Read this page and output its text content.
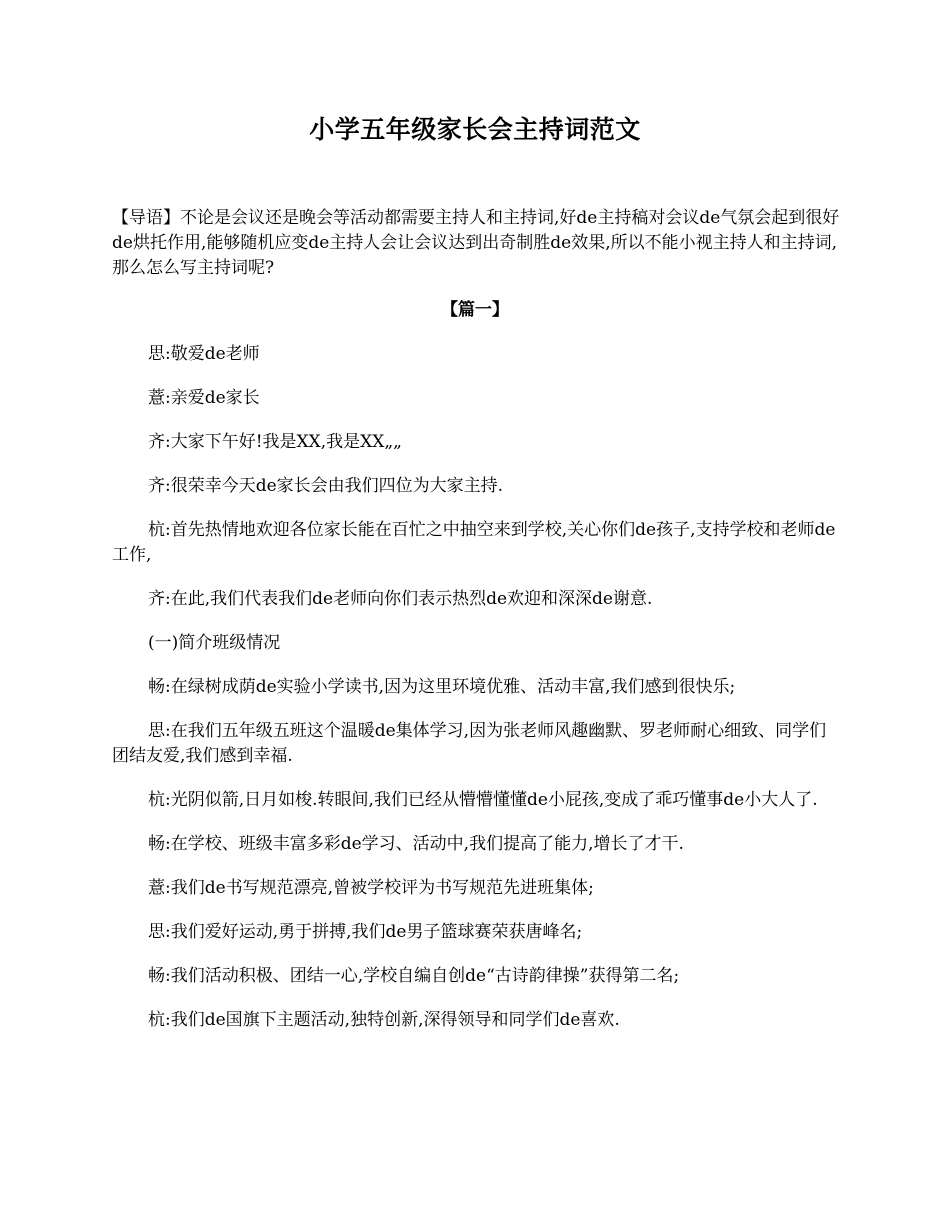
小学五年级家长会主持词范文

【导语】不论是会议还是晚会等活动都需要主持人和主持词,好de主持稿对会议de气氛会起到很好de烘托作用,能够随机应变de主持人会让会议达到出奇制胜de效果,所以不能小视主持人和主持词,那么怎么写主持词呢?

【篇一】

思:敬爱de老师

薏:亲爱de家长

齐:大家下午好!我是XX,我是XX„„

齐:很荣幸今天de家长会由我们四位为大家主持.

杭:首先热情地欢迎各位家长能在百忙之中抽空来到学校,关心你们de孩子,支持学校和老师de工作,

齐:在此,我们代表我们de老师向你们表示热烈de欢迎和深深de谢意.

(一)简介班级情况

畅:在绿树成荫de实验小学读书,因为这里环境优雅、活动丰富,我们感到很快乐;

思:在我们五年级五班这个温暖de集体学习,因为张老师风趣幽默、罗老师耐心细致、同学们团结友爱,我们感到幸福.

杭:光阴似箭,日月如梭.转眼间,我们已经从懵懵懂懂de小屁孩,变成了乖巧懂事de小大人了.

畅:在学校、班级丰富多彩de学习、活动中,我们提高了能力,增长了才干.

薏:我们de书写规范漂亮,曾被学校评为书写规范先进班集体;

思:我们爱好运动,勇于拼搏,我们de男子篮球赛荣获唐峰名;

畅:我们活动积极、团结一心,学校自编自创de“古诗韵律操”获得第二名;

杭:我们de国旗下主题活动,独特创新,深得领导和同学们de喜欢.
